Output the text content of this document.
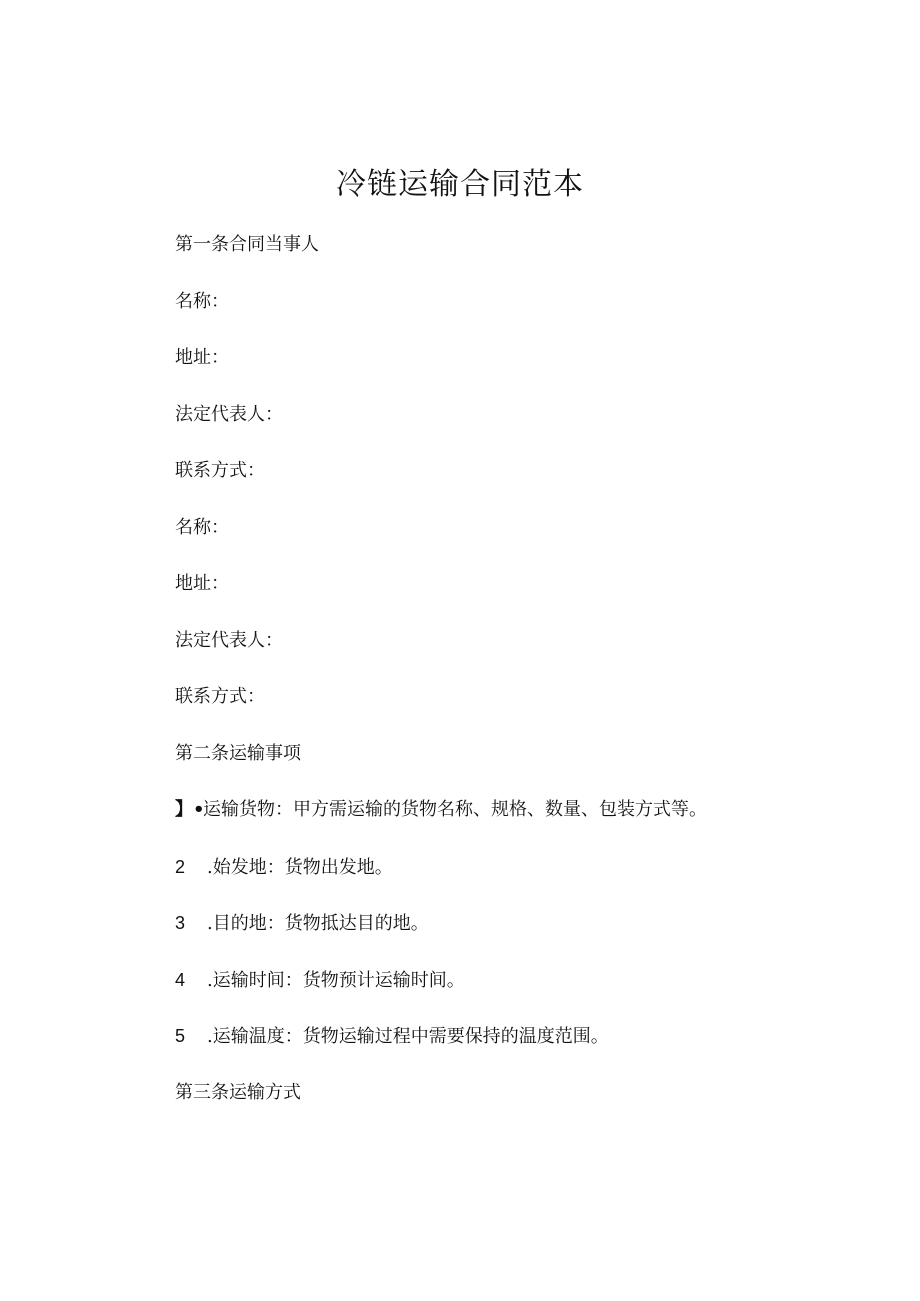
冷链运输合同范本

第一条合同当事人

名称：

地址：

法定代表人：

联系方式：

名称：

地址：

法定代表人：

联系方式：

第二条运输事项

】•运输货物：甲方需运输的货物名称、规格、数量、包装方式等。

2 .始发地：货物出发地。

3 .目的地：货物抵达目的地。

4 .运输时间：货物预计运输时间。

5 .运输温度：货物运输过程中需要保持的温度范围。

第三条运输方式
